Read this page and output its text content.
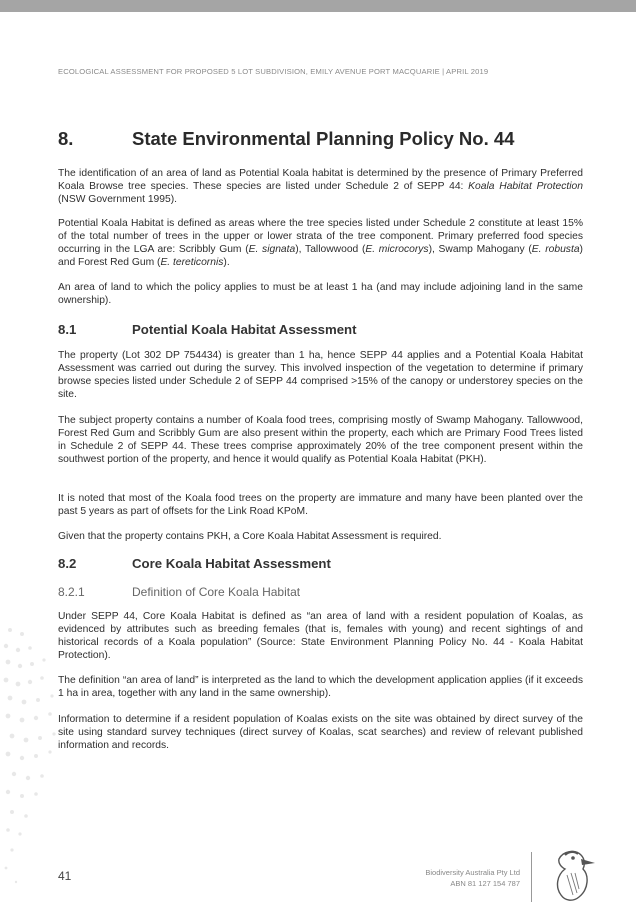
ECOLOGICAL ASSESSMENT FOR PROPOSED 5 LOT SUBDIVISION, EMILY AVENUE PORT MACQUARIE | APRIL 2019
8.	State Environmental Planning Policy No. 44

The identification of an area of land as Potential Koala habitat is determined by the presence of Primary Preferred Koala Browse tree species. These species are listed under Schedule 2 of SEPP 44: Koala Habitat Protection (NSW Government 1995).

Potential Koala Habitat is defined as areas where the tree species listed under Schedule 2 constitute at least 15% of the total number of trees in the upper or lower strata of the tree component. Primary preferred food species occurring in the LGA are: Scribbly Gum (E. signata), Tallowwood (E. microcorys), Swamp Mahogany (E. robusta) and Forest Red Gum (E. tereticornis).

An area of land to which the policy applies to must be at least 1 ha (and may include adjoining land in the same ownership).

8.1	Potential Koala Habitat Assessment

The property (Lot 302 DP 754434) is greater than 1 ha, hence SEPP 44 applies and a Potential Koala Habitat Assessment was carried out during the survey. This involved inspection of the vegetation to determine if primary browse species listed under Schedule 2 of SEPP 44 comprised >15% of the canopy or understorey species on the site.

The subject property contains a number of Koala food trees, comprising mostly of Swamp Mahogany. Tallowwood, Forest Red Gum and Scribbly Gum are also present within the property, each which are Primary Food Trees listed in Schedule 2 of SEPP 44. These trees comprise approximately 20% of the tree component present within the southwest portion of the property, and hence it would qualify as Potential Koala Habitat (PKH).

It is noted that most of the Koala food trees on the property are immature and many have been planted over the past 5 years as part of offsets for the Link Road KPoM.

Given that the property contains PKH, a Core Koala Habitat Assessment is required.

8.2	Core Koala Habitat Assessment
8.2.1	Definition of Core Koala Habitat

Under SEPP 44, Core Koala Habitat is defined as “an area of land with a resident population of Koalas, as evidenced by attributes such as breeding females (that is, females with young) and recent sightings of and historical records of a Koala population” (Source: State Environment Planning Policy No. 44 - Koala Habitat Protection).

The definition “an area of land” is interpreted as the land to which the development application applies (if it exceeds 1 ha in area, together with any land in the same ownership).

Information to determine if a resident population of Koalas exists on the site was obtained by direct survey of the site using standard survey techniques (direct survey of Koalas, scat searches) and review of relevant published information and records.

41	Biodiversity Australia Pty Ltd
ABN 81 127 154 787
